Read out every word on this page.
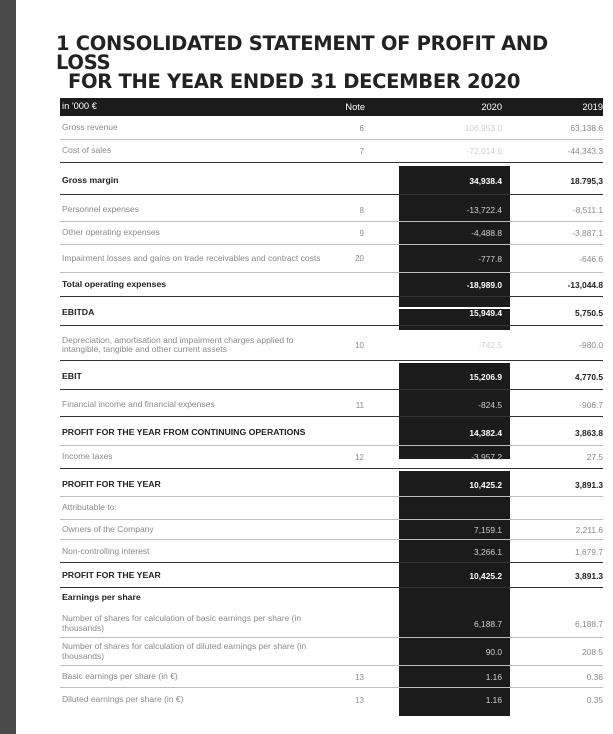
1 CONSOLIDATED STATEMENT OF PROFIT AND LOSS
FOR THE YEAR ENDED 31 DECEMBER 2020
in '000 €	Note	2020	2019
Gross revenue	6	106,953.0	63,138.6
Cost of sales	7	-72,014.6	-44,343.3
Gross margin	34,938.4	18.795,3
Personnel expenses	8	-13,722.4	-8,511.1
Other operating expenses	9	-4,488.8	-3,887.1
Impairment losses and gains on trade receivables and contract costs	20	-777.8	-646.6
Total operating expenses	-18,989.0	-13,044.8
EBITDA	15,949.4	5,750.5
Depreciation, amortisation and impairment charges applied to intangible, tangible and other current assets	10	-742.5	-980.0
EBIT	15,206.9	4,770.5
Financial income and financial expenses	11	-824.5	-906.7
PROFIT FOR THE YEAR FROM CONTINUING OPERATIONS	14,382.4	3,863.8
Income taxes	12	-3,957.2	27.5
PROFIT FOR THE YEAR	10,425.2	3,891.3
Attributable to:
Owners of the Company	7,159.1	2,211.6
Non-controlling interest	3,266.1	1,679.7
PROFIT FOR THE YEAR	10,425.2	3,891.3
Earnings per share
Number of shares for calculation of basic earnings per share (in thousands)	6,188.7	6,188.7
Number of shares for calculation of diluted earnings per share (in thousands)	90.0	208.5
Basic earnings per share (in €)	13	1.16	0.36
Diluted earnings per share (in €)	13	1.16	0.35
